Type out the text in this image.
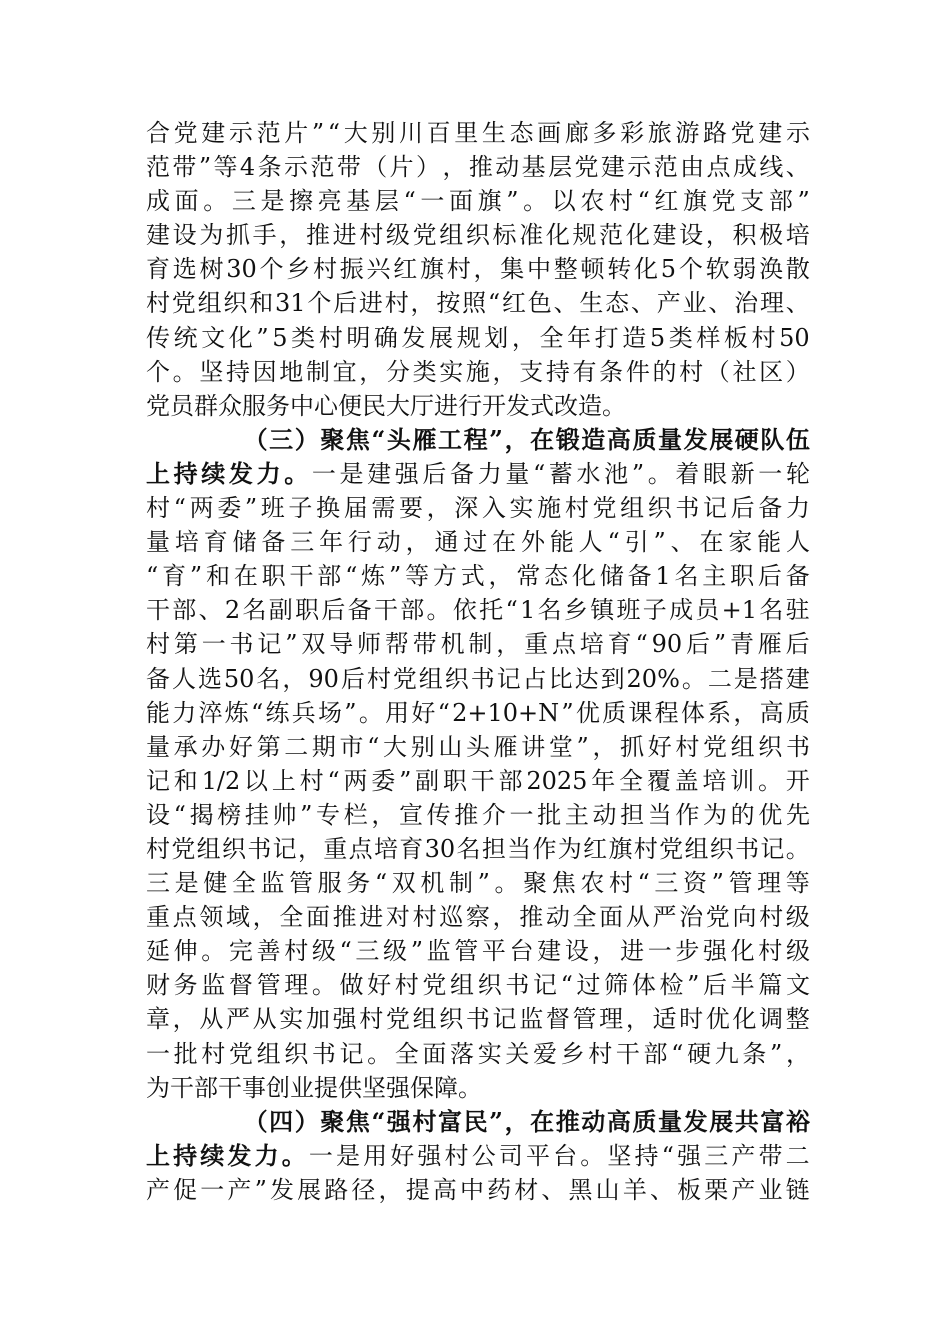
合 党 建 示 范 片 ” “ 大 别 川 百 里 生 态 画 廊 多 彩 旅 游 路 党 建 示
范 带 ” 等 4 条 示 范 带 （ 片 ） ， 推 动 基 层 党 建 示 范 由 点 成 线 、
成 面 。 三 是 擦 亮 基 层 “ 一 面 旗 ” 。 以 农 村 “ 红 旗 党 支 部 ”
建 设 为 抓 手 ， 推 进 村 级 党 组 织 标 准 化 规 范 化 建 设 ， 积 极 培
育 选 树 30 个 乡 村 振 兴 红 旗 村 ， 集 中 整 顿 转 化 5 个 软 弱 涣 散
村 党 组 织 和 31 个 后 进 村 ， 按 照 “ 红 色 、 生 态 、 产 业 、 治 理 、
传 统 文 化 ” 5 类 村 明 确 发 展 规 划 ， 全 年 打 造 5 类 样 板 村 50
个 。 坚 持 因 地 制 宜 ， 分 类 实 施 ， 支 持 有 条 件 的 村 （ 社 区 ）
党员群众服务中心便民大厅进行开发式改造。
（ 三 ） 聚 焦 “ 头 雁 工 程 ” ， 在 锻 造 高 质 量 发 展 硬 队 伍
上 持 续 发 力 。 一 是 建 强 后 备 力 量 “ 蓄 水 池 ” 。 着 眼 新 一 轮
村 “ 两 委 ” 班 子 换 届 需 要 ， 深 入 实 施 村 党 组 织 书 记 后 备 力
量 培 育 储 备 三 年 行 动 ， 通 过 在 外 能 人 “ 引 ” 、 在 家 能 人
“ 育 ” 和 在 职 干 部 “ 炼 ” 等 方 式 ， 常 态 化 储 备 1 名 主 职 后 备
干 部 、 2 名 副 职 后 备 干 部 。 依 托 “ 1 名 乡 镇 班 子 成 员 +1 名 驻
村 第 一 书 记 ” 双 导 师 帮 带 机 制 ， 重 点 培 育 “ 90 后 ” 青 雁 后
备 人 选 50 名 ， 90 后 村 党 组 织 书 记 占 比 达 到 20% 。 二 是 搭 建
能 力 淬 炼 “ 练 兵 场 ” 。 用 好 “ 2+10+N ” 优 质 课 程 体 系 ， 高 质
量 承 办 好 第 二 期 市 “ 大 别 山 头 雁 讲 堂 ” ， 抓 好 村 党 组 织 书
记 和 1/2 以 上 村 “ 两 委 ” 副 职 干 部 2025 年 全 覆 盖 培 训 。 开
设 “ 揭 榜 挂 帅 ” 专 栏 ， 宣 传 推 介 一 批 主 动 担 当 作 为 的 优 先
村 党 组 织 书 记 ， 重 点 培 育 30 名 担 当 作 为 红 旗 村 党 组 织 书 记 。
三 是 健 全 监 管 服 务 “ 双 机 制 ” 。 聚 焦 农 村 “ 三 资 ” 管 理 等
重 点 领 域 ， 全 面 推 进 对 村 巡 察 ， 推 动 全 面 从 严 治 党 向 村 级
延 伸 。 完 善 村 级 “ 三 级 ” 监 管 平 台 建 设 ， 进 一 步 强 化 村 级
财 务 监 督 管 理 。 做 好 村 党 组 织 书 记 “ 过 筛 体 检 ” 后 半 篇 文
章 ， 从 严 从 实 加 强 村 党 组 织 书 记 监 督 管 理 ， 适 时 优 化 调 整
一 批 村 党 组 织 书 记 。 全 面 落 实 关 爱 乡 村 干 部 “ 硬 九 条 ” ，
为干部干事创业提供坚强保障。
（ 四 ） 聚 焦 “ 强 村 富 民 ” ， 在 推 动 高 质 量 发 展 共 富 裕
上 持 续 发 力 。 一 是 用 好 强 村 公 司 平 台 。 坚 持 “ 强 三 产 带 二
产 促 一 产 ” 发 展 路 径 ， 提 高 中 药 材 、 黑 山 羊 、 板 栗 产 业 链
